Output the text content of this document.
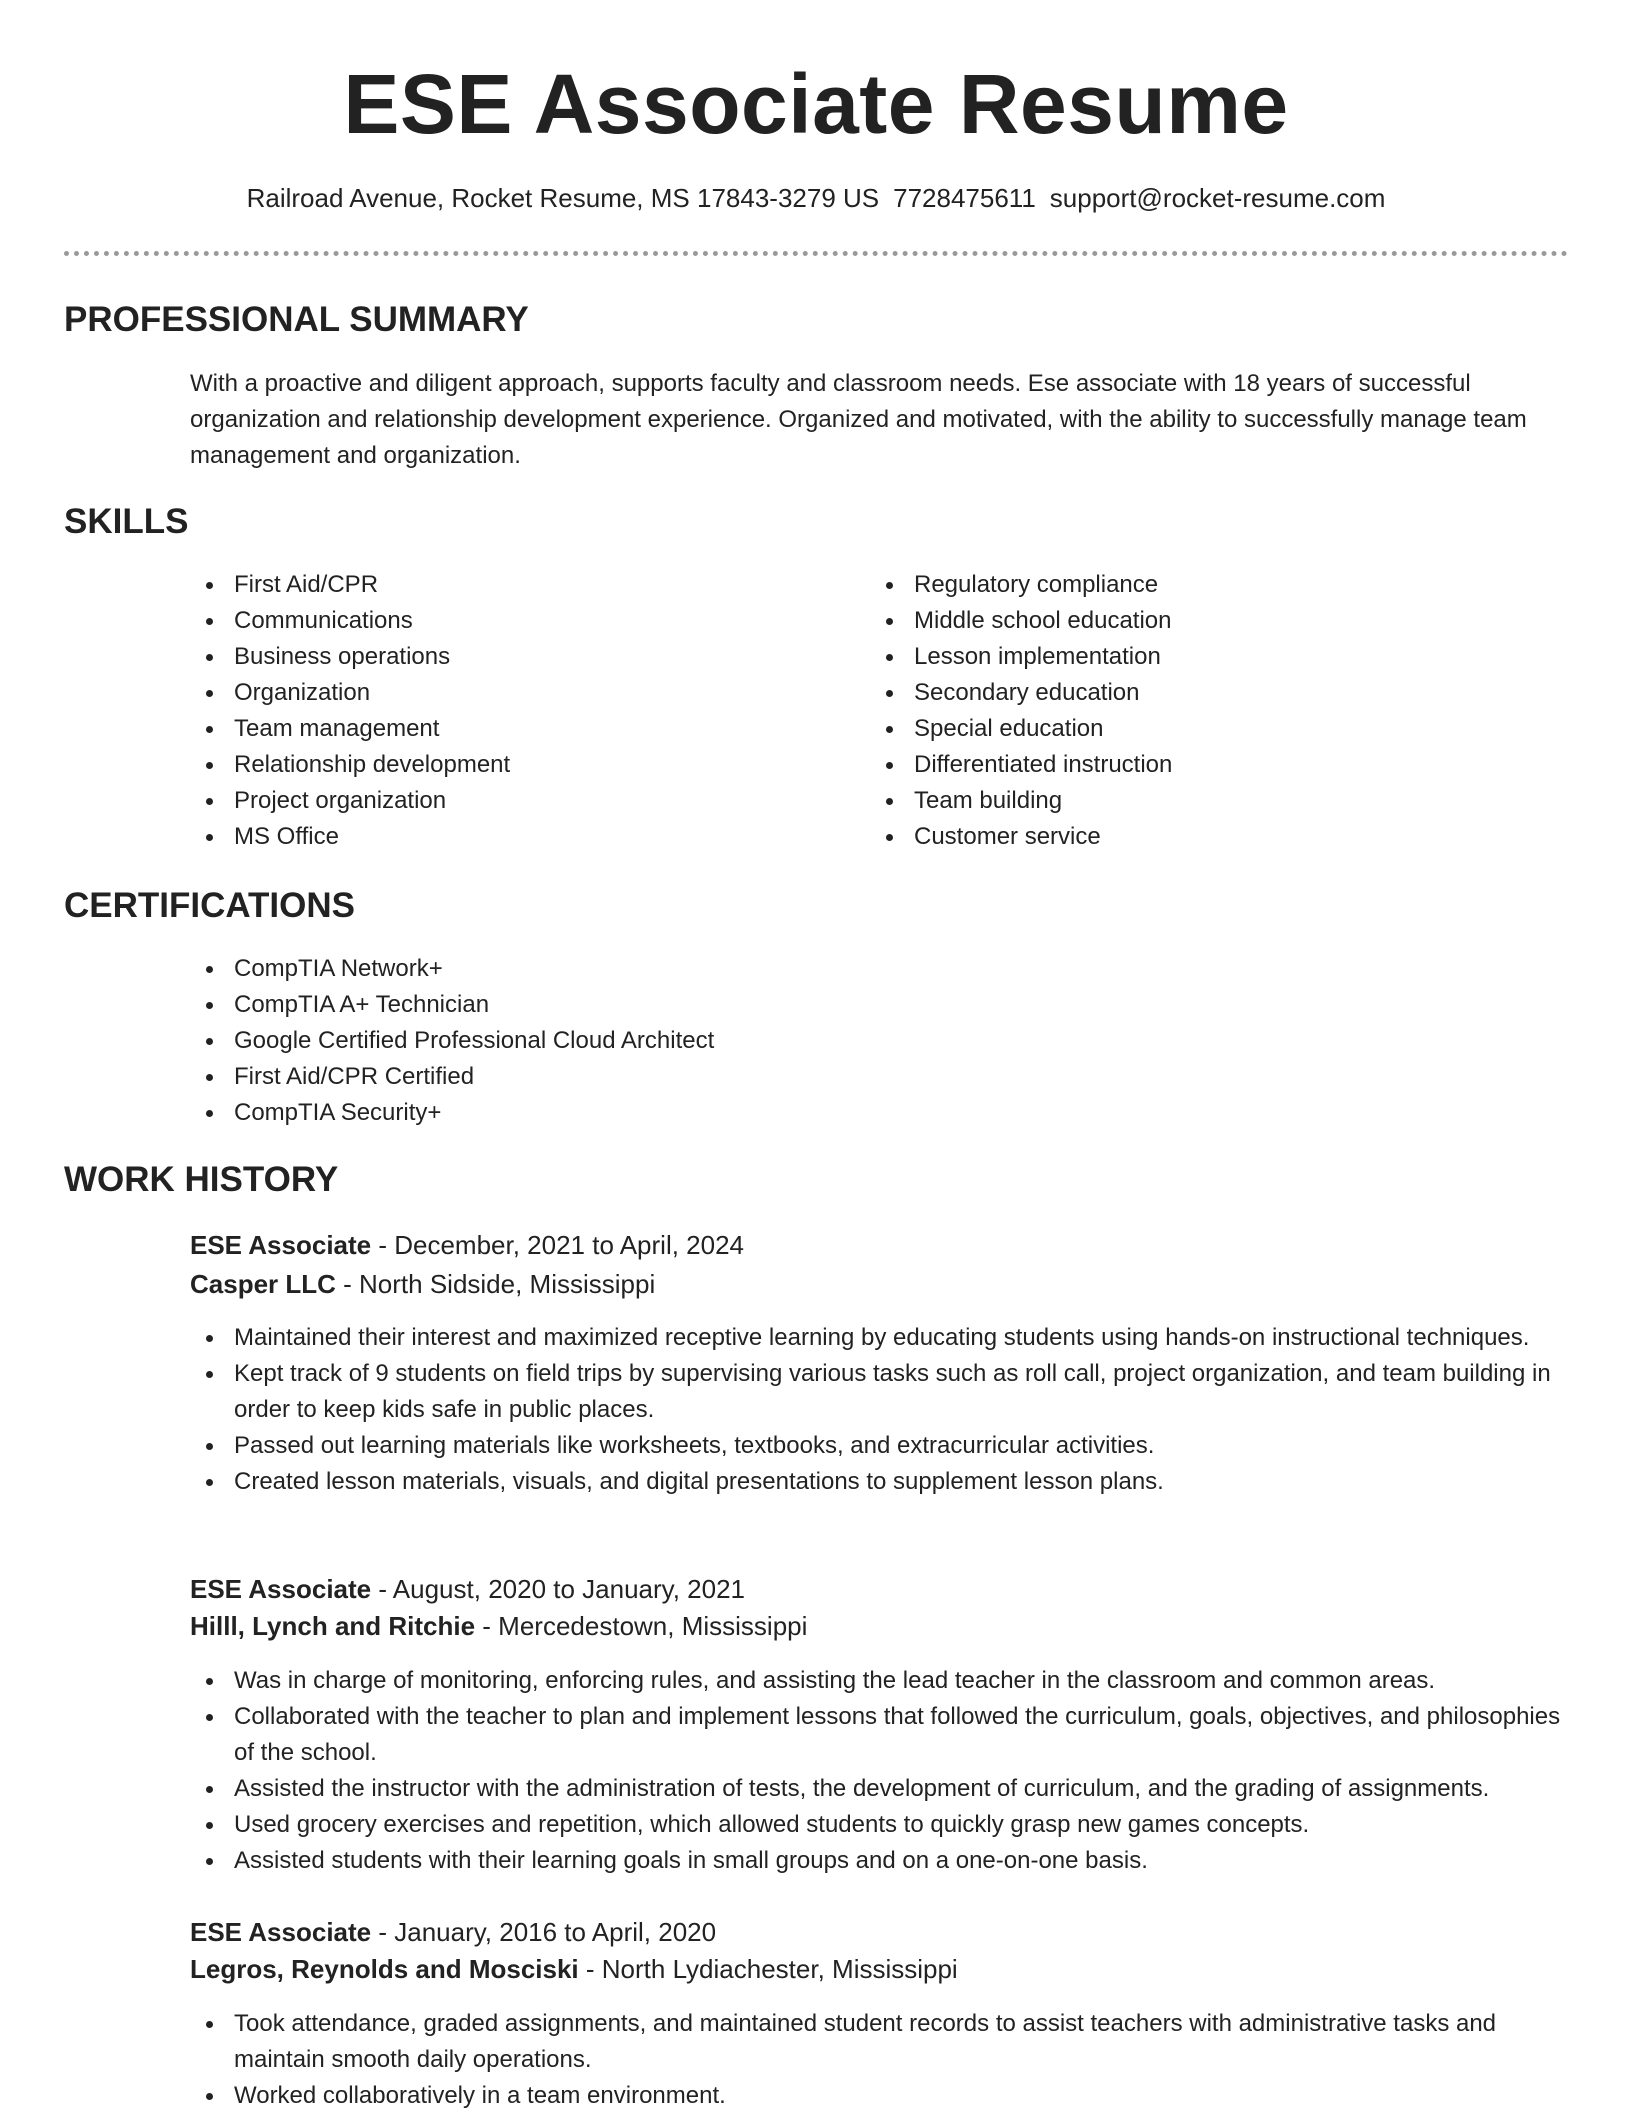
ESE Associate Resume
Railroad Avenue, Rocket Resume, MS 17843-3279 US 7728475611 support@rocket-resume.com
PROFESSIONAL SUMMARY

With a proactive and diligent approach, supports faculty and classroom needs. Ese associate with 18 years of successful organization and relationship development experience. Organized and motivated, with the ability to successfully manage team management and organization.

SKILLS
First Aid/CPR
Communications
Business operations
Organization
Team management
Relationship development
Project organization
MS Office
Regulatory compliance
Middle school education
Lesson implementation
Secondary education
Special education
Differentiated instruction
Team building
Customer service
CERTIFICATIONS
CompTIA Network+
CompTIA A+ Technician
Google Certified Professional Cloud Architect
First Aid/CPR Certified
CompTIA Security+
WORK HISTORY
ESE Associate - December, 2021 to April, 2024
Casper LLC - North Sidside, Mississippi
Maintained their interest and maximized receptive learning by educating students using hands-on instructional techniques.
Kept track of 9 students on field trips by supervising various tasks such as roll call, project organization, and team building in order to keep kids safe in public places.
Passed out learning materials like worksheets, textbooks, and extracurricular activities.
Created lesson materials, visuals, and digital presentations to supplement lesson plans.
ESE Associate - August, 2020 to January, 2021
Hilll, Lynch and Ritchie - Mercedestown, Mississippi
Was in charge of monitoring, enforcing rules, and assisting the lead teacher in the classroom and common areas.
Collaborated with the teacher to plan and implement lessons that followed the curriculum, goals, objectives, and philosophies of the school.
Assisted the instructor with the administration of tests, the development of curriculum, and the grading of assignments.
Used grocery exercises and repetition, which allowed students to quickly grasp new games concepts.
Assisted students with their learning goals in small groups and on a one-on-one basis.
ESE Associate - January, 2016 to April, 2020
Legros, Reynolds and Mosciski - North Lydiachester, Mississippi
Took attendance, graded assignments, and maintained student records to assist teachers with administrative tasks and maintain smooth daily operations.
Worked collaboratively in a team environment.
